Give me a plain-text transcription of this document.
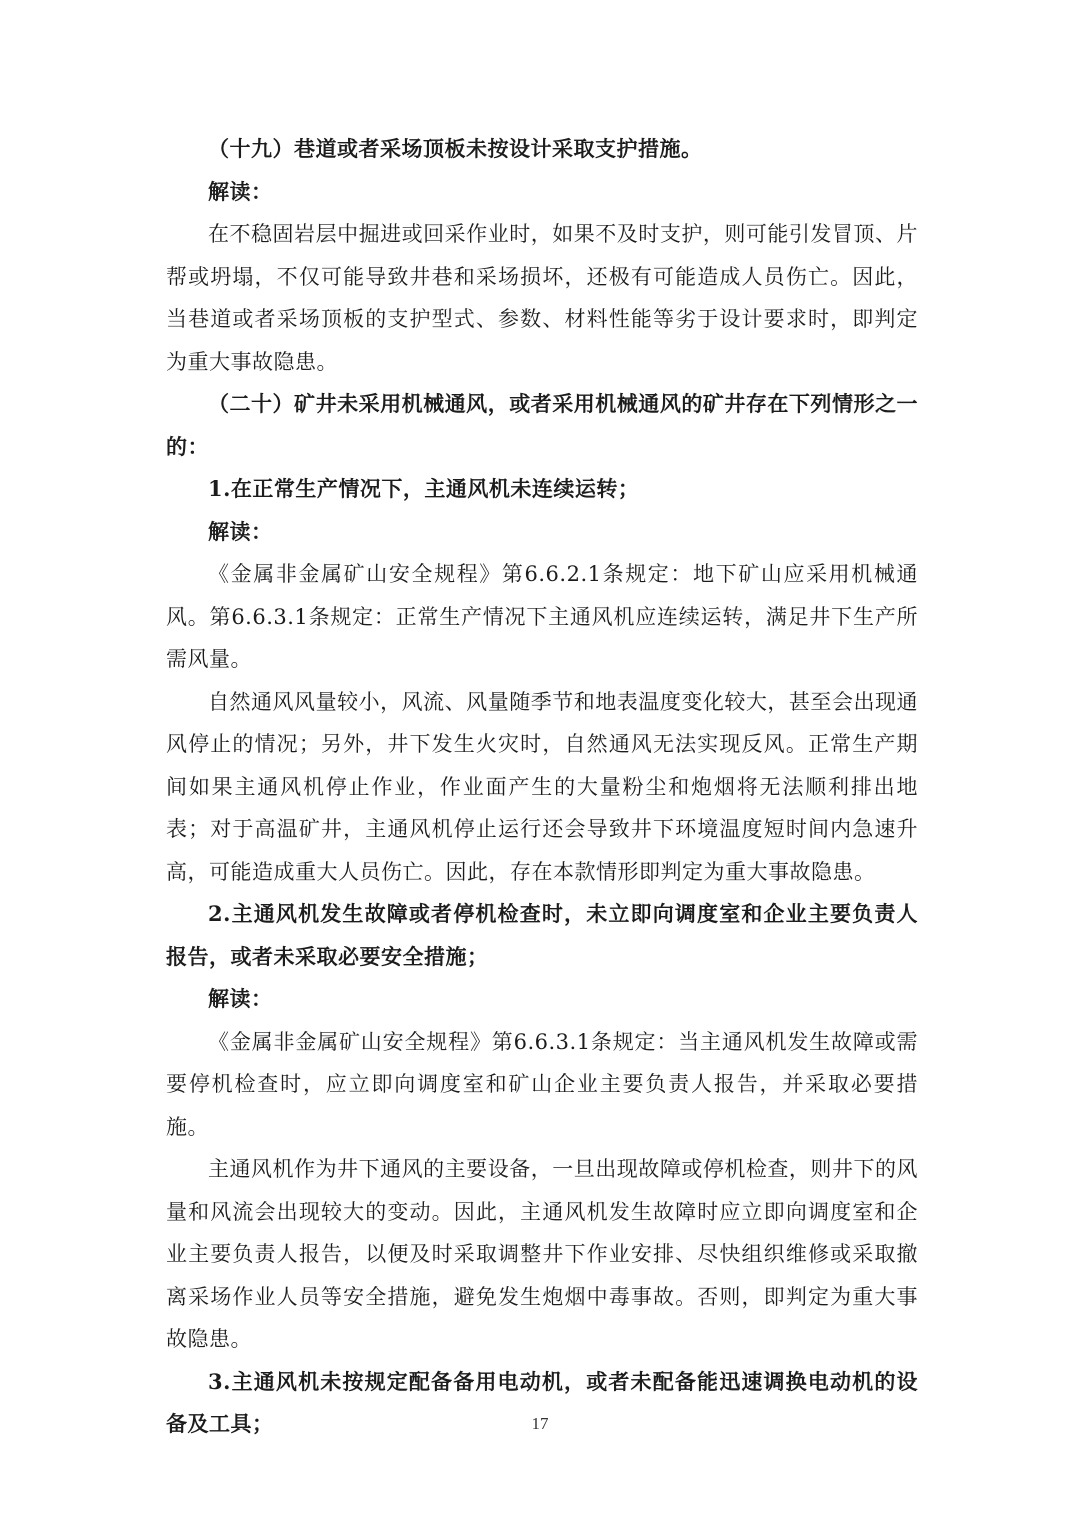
（十九）巷道或者采场顶板未按设计采取支护措施。

解读：

在不稳固岩层中掘进或回采作业时，如果不及时支护，则可能引发冒顶、片帮或坍塌，不仅可能导致井巷和采场损坏，还极有可能造成人员伤亡。因此，当巷道或者采场顶板的支护型式、参数、材料性能等劣于设计要求时，即判定为重大事故隐患。

（二十）矿井未采用机械通风，或者采用机械通风的矿井存在下列情形之一的：

1.在正常生产情况下，主通风机未连续运转；

解读：

《金属非金属矿山安全规程》第6.6.2.1条规定：地下矿山应采用机械通风。第6.6.3.1条规定：正常生产情况下主通风机应连续运转，满足井下生产所需风量。

自然通风风量较小，风流、风量随季节和地表温度变化较大，甚至会出现通风停止的情况；另外，井下发生火灾时，自然通风无法实现反风。正常生产期间如果主通风机停止作业，作业面产生的大量粉尘和炮烟将无法顺利排出地表；对于高温矿井，主通风机停止运行还会导致井下环境温度短时间内急速升高，可能造成重大人员伤亡。因此，存在本款情形即判定为重大事故隐患。

2.主通风机发生故障或者停机检查时，未立即向调度室和企业主要负责人报告，或者未采取必要安全措施；

解读：

《金属非金属矿山安全规程》第6.6.3.1条规定：当主通风机发生故障或需要停机检查时，应立即向调度室和矿山企业主要负责人报告，并采取必要措施。

主通风机作为井下通风的主要设备，一旦出现故障或停机检查，则井下的风量和风流会出现较大的变动。因此，主通风机发生故障时应立即向调度室和企业主要负责人报告，以便及时采取调整井下作业安排、尽快组织维修或采取撤离采场作业人员等安全措施，避免发生炮烟中毒事故。否则，即判定为重大事故隐患。

3.主通风机未按规定配备备用电动机，或者未配备能迅速调换电动机的设备及工具；	17
